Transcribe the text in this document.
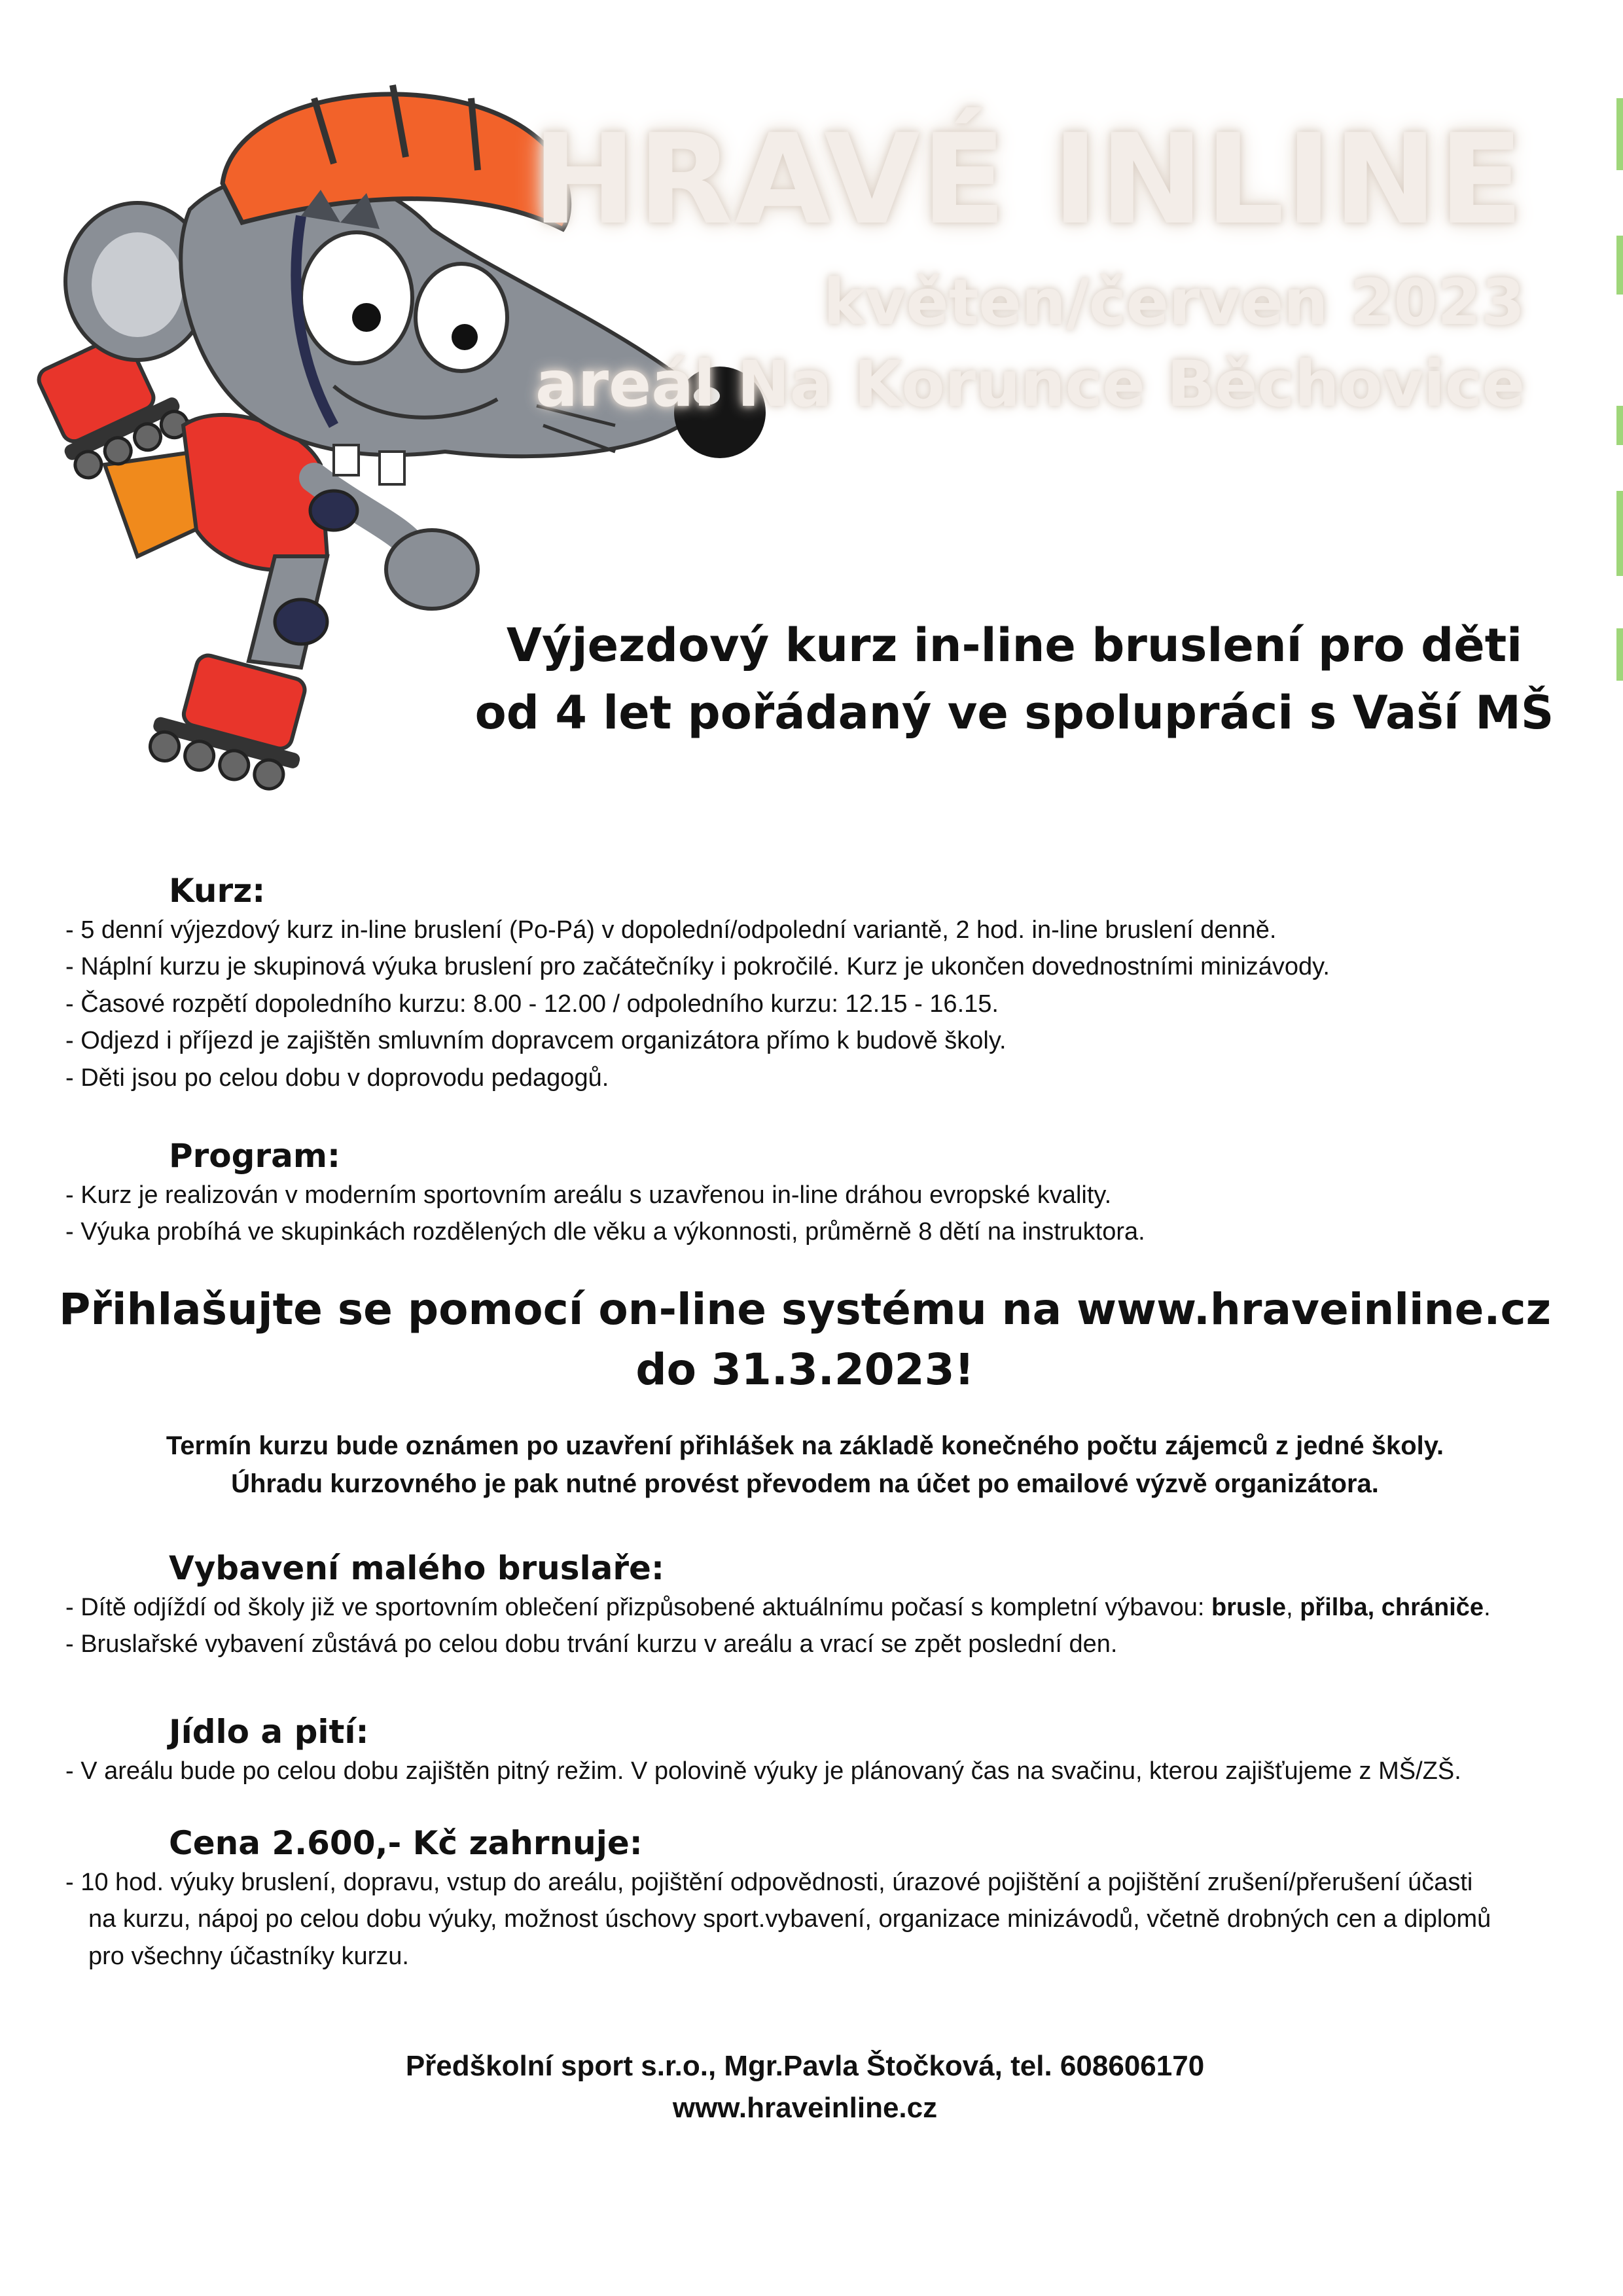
HRAVÉ INLINE
květen/červen 2023
areál Na Korunce Běchovice
Výjezdový kurz in-line bruslení pro děti
od 4 let pořádaný ve spolupráci s Vaší MŠ
Kurz:
- 5 denní výjezdový kurz in-line bruslení (Po-Pá) v dopolední/odpolední variantě, 2 hod. in-line bruslení denně.
- Náplní kurzu je skupinová výuka bruslení pro začátečníky i pokročilé. Kurz je ukončen dovednostními minizávody.
- Časové rozpětí dopoledního kurzu: 8.00 - 12.00 / odpoledního kurzu: 12.15 - 16.15.
- Odjezd i příjezd je zajištěn smluvním dopravcem organizátora přímo k budově školy.
- Děti jsou po celou dobu v doprovodu pedagogů.
Program:
- Kurz je realizován v moderním sportovním areálu s uzavřenou in-line dráhou evropské kvality.
- Výuka probíhá ve skupinkách rozdělených dle věku a výkonnosti, průměrně 8 dětí na instruktora.
Přihlašujte se pomocí on-line systému na www.hraveinline.cz
do 31.3.2023!
Termín kurzu bude oznámen po uzavření přihlášek na základě konečného počtu zájemců z jedné školy.
Úhradu kurzovného je pak nutné provést převodem na účet po emailové výzvě organizátora.
Vybavení malého bruslaře:
- Dítě odjíždí od školy již ve sportovním oblečení přizpůsobené aktuálnímu počasí s kompletní výbavou: brusle, přilba, chrániče.
- Bruslařské vybavení zůstává po celou dobu trvání kurzu v areálu a vrací se zpět poslední den.
Jídlo a pití:
- V areálu bude po celou dobu zajištěn pitný režim. V polovině výuky je plánovaný čas na svačinu, kterou zajišťujeme z MŠ/ZŠ.
Cena 2.600,- Kč zahrnuje:
- 10 hod. výuky bruslení, dopravu, vstup do areálu, pojištění odpovědnosti, úrazové pojištění a pojištění zrušení/přerušení účasti
na kurzu, nápoj po celou dobu výuky, možnost úschovy sport.vybavení, organizace minizávodů, včetně drobných cen a diplomů
pro všechny účastníky kurzu.
Předškolní sport s.r.o., Mgr.Pavla Štočková, tel. 608606170
www.hraveinline.cz
